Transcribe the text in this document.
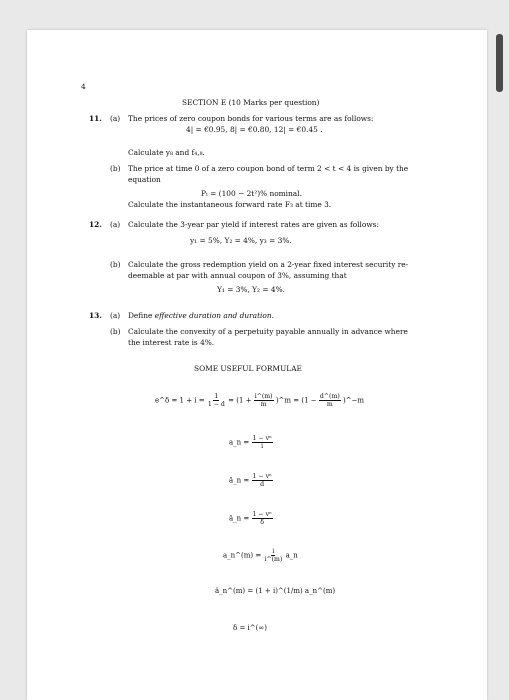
4
SECTION E (10 Marks per question)
11. (a) The prices of zero coupon bonds for various terms are as follows:
4| = €0.95, 8| = €0.80, 12| = €0.45 .
Calculate y₈ and f₄,₈.
(b) The price at time 0 of a zero coupon bond of term 2 < t < 4 is given by the
equation
Pₜ = (100 − 2t²)% nominal.
Calculate the instantaneous forward rate F₃ at time 3.
12. (a) Calculate the 3-year par yield if interest rates are given as follows:
y₁ = 5%, Y₂ = 4%, y₃ = 3%.
(b) Calculate the gross redemption yield on a 2-year fixed interest security re-
deemable at par with annual coupon of 3%, assuming that
Y₁ = 3%, Y₂ = 4%.
13. (a) Define effective duration and duration.
(b) Calculate the convexity of a perpetuity payable annually in advance where
the interest rate is 4%.
SOME USEFUL FORMULAE
e^δ = $1 + i = \frac{1}{1 - d} = (1 + \frac{i\^{}(m)}{m}$ )^m = ($1 - \frac{d\^{}(m)}{m}$ )^−m
a_n = $\frac{\text{1 − vⁿ}}{i}$
ä_n = $\frac{\text{1 − vⁿ}}{d}$
ā_n = $\frac{\text{1 − vⁿ}}{\delta}$
a_n^(m) = $\frac{i}{i\^{}(m)}$ a_n
ä_n^(m) = (1 + i)^(1/m) a_n^(m)
δ = i^(∞)
